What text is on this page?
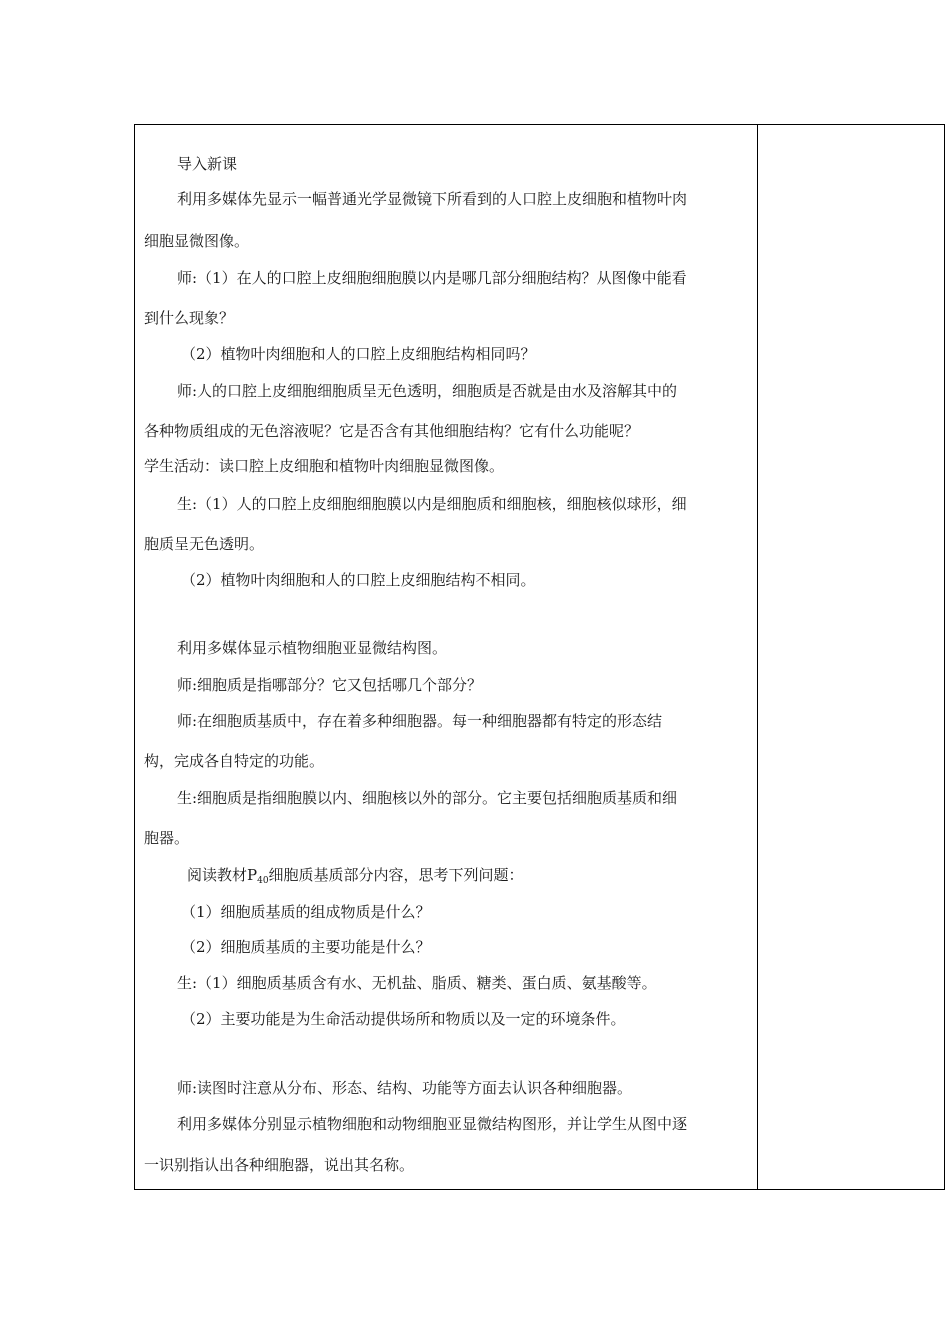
导入新课
利用多媒体先显示一幅普通光学显微镜下所看到的人口腔上皮细胞和植物叶肉
细胞显微图像。
师:（1）在人的口腔上皮细胞细胞膜以内是哪几部分细胞结构？从图像中能看
到什么现象？
（2）植物叶肉细胞和人的口腔上皮细胞结构相同吗？
师:人的口腔上皮细胞细胞质呈无色透明，细胞质是否就是由水及溶解其中的
各种物质组成的无色溶液呢？它是否含有其他细胞结构？它有什么功能呢？
学生活动：读口腔上皮细胞和植物叶肉细胞显微图像。
生:（1）人的口腔上皮细胞细胞膜以内是细胞质和细胞核，细胞核似球形，细
胞质呈无色透明。
（2）植物叶肉细胞和人的口腔上皮细胞结构不相同。
利用多媒体显示植物细胞亚显微结构图。
师:细胞质是指哪部分？它又包括哪几个部分？
师:在细胞质基质中，存在着多种细胞器。每一种细胞器都有特定的形态结
构，完成各自特定的功能。
生:细胞质是指细胞膜以内、细胞核以外的部分。它主要包括细胞质基质和细
胞器。
阅读教材$P_{40}$细胞质基质部分内容，思考下列问题：
（1）细胞质基质的组成物质是什么？
（2）细胞质基质的主要功能是什么？
生:（1）细胞质基质含有水、无机盐、脂质、糖类、蛋白质、氨基酸等。
（2）主要功能是为生命活动提供场所和物质以及一定的环境条件。
师:读图时注意从分布、形态、结构、功能等方面去认识各种细胞器。
利用多媒体分别显示植物细胞和动物细胞亚显微结构图形，并让学生从图中逐
一识别指认出各种细胞器，说出其名称。
